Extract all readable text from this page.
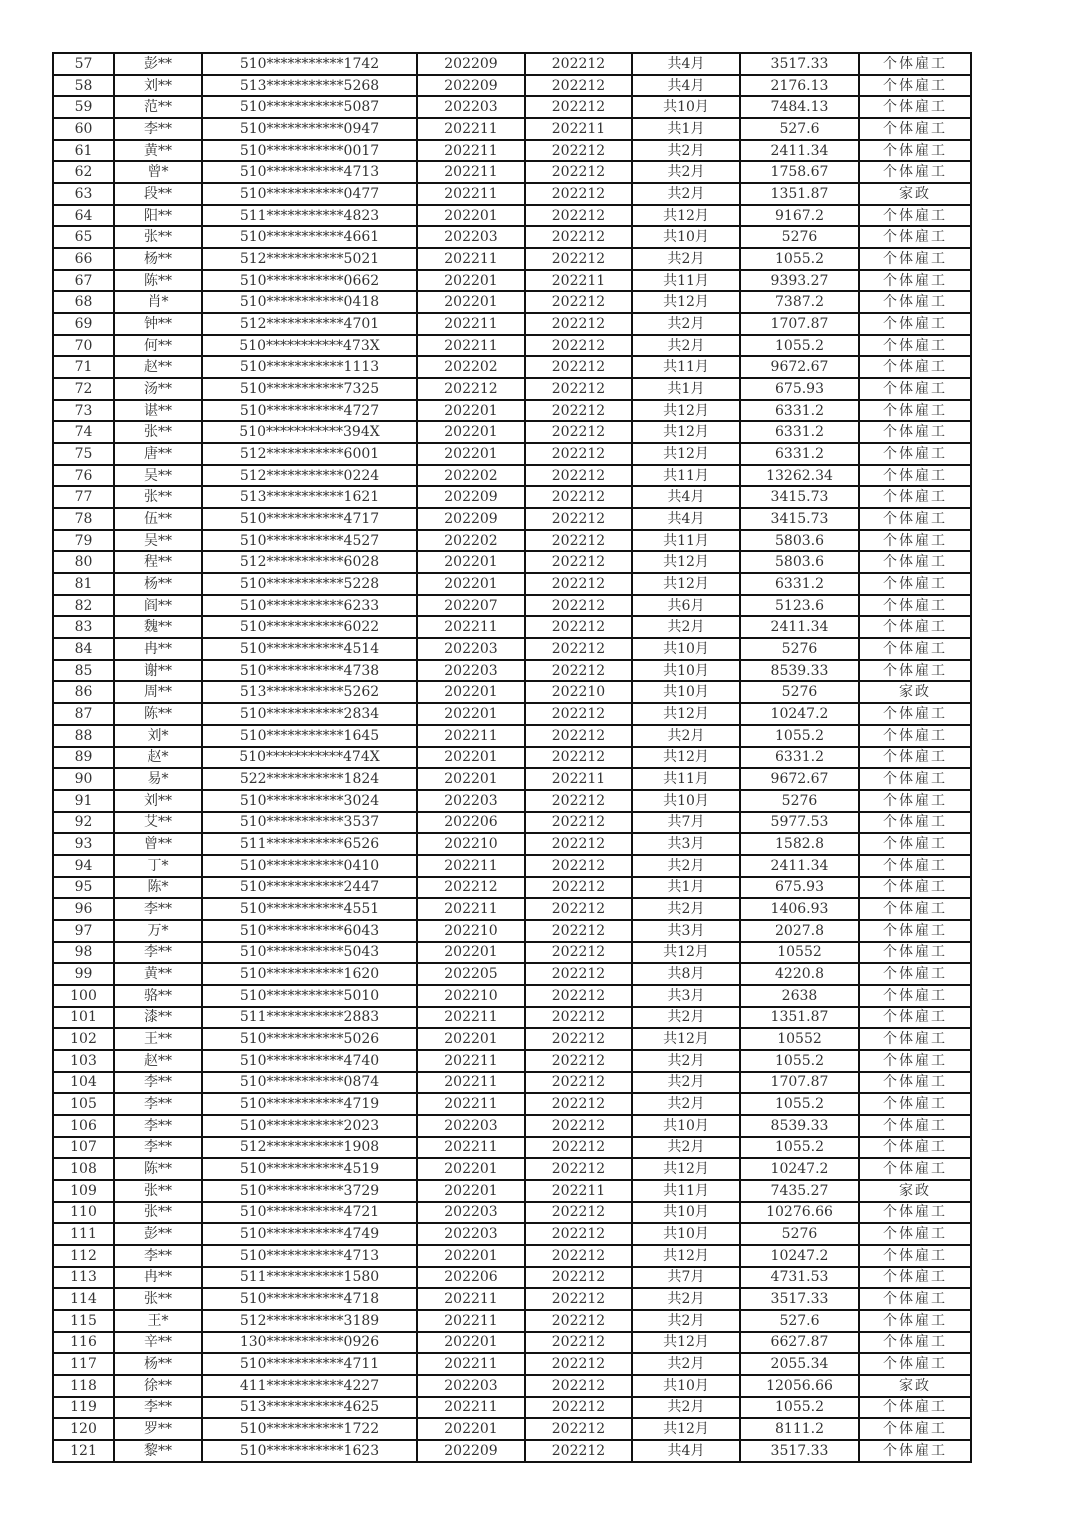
57	彭**	510***********1742	202209	202212	共4月	3517.33	个体雇工
58	刘**	513***********5268	202209	202212	共4月	2176.13	个体雇工
59	范**	510***********5087	202203	202212	共10月	7484.13	个体雇工
60	李**	510***********0947	202211	202211	共1月	527.6	个体雇工
61	黄**	510***********0017	202211	202212	共2月	2411.34	个体雇工
62	曾*	510***********4713	202211	202212	共2月	1758.67	个体雇工
63	段**	510***********0477	202211	202212	共2月	1351.87	家政
64	阳**	511***********4823	202201	202212	共12月	9167.2	个体雇工
65	张**	510***********4661	202203	202212	共10月	5276	个体雇工
66	杨**	512***********5021	202211	202212	共2月	1055.2	个体雇工
67	陈**	510***********0662	202201	202211	共11月	9393.27	个体雇工
68	肖*	510***********0418	202201	202212	共12月	7387.2	个体雇工
69	钟**	512***********4701	202211	202212	共2月	1707.87	个体雇工
70	何**	510***********473X	202211	202212	共2月	1055.2	个体雇工
71	赵**	510***********1113	202202	202212	共11月	9672.67	个体雇工
72	汤**	510***********7325	202212	202212	共1月	675.93	个体雇工
73	谌**	510***********4727	202201	202212	共12月	6331.2	个体雇工
74	张**	510***********394X	202201	202212	共12月	6331.2	个体雇工
75	唐**	512***********6001	202201	202212	共12月	6331.2	个体雇工
76	吴**	512***********0224	202202	202212	共11月	13262.34	个体雇工
77	张**	513***********1621	202209	202212	共4月	3415.73	个体雇工
78	伍**	510***********4717	202209	202212	共4月	3415.73	个体雇工
79	吴**	510***********4527	202202	202212	共11月	5803.6	个体雇工
80	程**	512***********6028	202201	202212	共12月	5803.6	个体雇工
81	杨**	510***********5228	202201	202212	共12月	6331.2	个体雇工
82	阎**	510***********6233	202207	202212	共6月	5123.6	个体雇工
83	魏**	510***********6022	202211	202212	共2月	2411.34	个体雇工
84	冉**	510***********4514	202203	202212	共10月	5276	个体雇工
85	谢**	510***********4738	202203	202212	共10月	8539.33	个体雇工
86	周**	513***********5262	202201	202210	共10月	5276	家政
87	陈**	510***********2834	202201	202212	共12月	10247.2	个体雇工
88	刘*	510***********1645	202211	202212	共2月	1055.2	个体雇工
89	赵*	510***********474X	202201	202212	共12月	6331.2	个体雇工
90	易*	522***********1824	202201	202211	共11月	9672.67	个体雇工
91	刘**	510***********3024	202203	202212	共10月	5276	个体雇工
92	艾**	510***********3537	202206	202212	共7月	5977.53	个体雇工
93	曾**	511***********6526	202210	202212	共3月	1582.8	个体雇工
94	丁*	510***********0410	202211	202212	共2月	2411.34	个体雇工
95	陈*	510***********2447	202212	202212	共1月	675.93	个体雇工
96	李**	510***********4551	202211	202212	共2月	1406.93	个体雇工
97	万*	510***********6043	202210	202212	共3月	2027.8	个体雇工
98	李**	510***********5043	202201	202212	共12月	10552	个体雇工
99	黄**	510***********1620	202205	202212	共8月	4220.8	个体雇工
100	骆**	510***********5010	202210	202212	共3月	2638	个体雇工
101	漆**	511***********2883	202211	202212	共2月	1351.87	个体雇工
102	王**	510***********5026	202201	202212	共12月	10552	个体雇工
103	赵**	510***********4740	202211	202212	共2月	1055.2	个体雇工
104	李**	510***********0874	202211	202212	共2月	1707.87	个体雇工
105	李**	510***********4719	202211	202212	共2月	1055.2	个体雇工
106	李**	510***********2023	202203	202212	共10月	8539.33	个体雇工
107	李**	512***********1908	202211	202212	共2月	1055.2	个体雇工
108	陈**	510***********4519	202201	202212	共12月	10247.2	个体雇工
109	张**	510***********3729	202201	202211	共11月	7435.27	家政
110	张**	510***********4721	202203	202212	共10月	10276.66	个体雇工
111	彭**	510***********4749	202203	202212	共10月	5276	个体雇工
112	李**	510***********4713	202201	202212	共12月	10247.2	个体雇工
113	冉**	511***********1580	202206	202212	共7月	4731.53	个体雇工
114	张**	510***********4718	202211	202212	共2月	3517.33	个体雇工
115	王*	512***********3189	202211	202212	共2月	527.6	个体雇工
116	辛**	130***********0926	202201	202212	共12月	6627.87	个体雇工
117	杨**	510***********4711	202211	202212	共2月	2055.34	个体雇工
118	徐**	411***********4227	202203	202212	共10月	12056.66	家政
119	李**	513***********4625	202211	202212	共2月	1055.2	个体雇工
120	罗**	510***********1722	202201	202212	共12月	8111.2	个体雇工
121	黎**	510***********1623	202209	202212	共4月	3517.33	个体雇工
